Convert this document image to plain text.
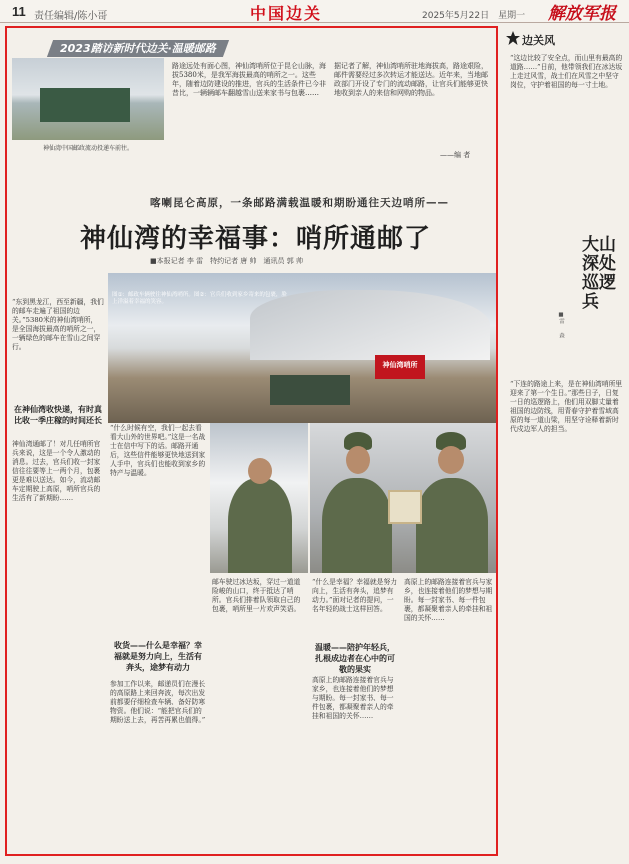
11 责任编辑/陈小哥	中国边关	2025年5月22日　星期一 解放军报
2023踏访新时代边关·温暖邮路
神仙湾中国邮政流动投递车前往。
路途远处有面心图，神仙湾哨所位于昆仑山脉，海拔5380米，是我军海拔最高的哨所之一。这些年，随着边防建设的推进，官兵的生活条件已今非昔比，一辆辆邮车翻越雪山送来家书与包裹……
据记者了解，神仙湾哨所驻地海拔高，路途艰险，邮件需要经过多次转运才能送达。近年来，当地邮政部门开设了专门的流动邮路，让官兵们能够更快地收到亲人的来信和网购的物品。
——编 者
喀喇昆仑高原，一条邮路满载温暖和期盼通往天边哨所——
神仙湾的幸福事：哨所通邮了
■本报记者 李 雷　特约记者 唐 帅　通讯员 郭 帅
神仙湾哨所
图①：邮政车辆驶往神仙湾哨所。图②：官兵们收到家乡寄来的包裹，脸上洋溢着幸福的笑容。
“东到黑龙江，西至新疆，我们的邮车走遍了祖国的边关。”5380米的神仙湾哨所，是全国海拔最高的哨所之一，一辆绿色的邮车在雪山之间穿行。
在神仙湾收快递，有时真比收一季庄稼的时间还长
神仙湾通邮了！对几任哨所官兵来说，这是一个令人激动的消息。过去，官兵们收一封家信往往要等上一两个月，包裹更是难以送达。如今，流动邮车定期驶上高原，哨所官兵的生活有了新期盼……
“什么时候有空，我们一起去看看大山外的世界吧。”这是一名战士在信中写下的话。邮路开通后，这些信件能够更快地送到家人手中，官兵们也能收到家乡的特产与温暖。
收货——什么是幸福？幸福就是努力向上，生活有奔头，途梦有动力
参加工作以来，邮递员们在漫长的高原路上来回奔波，每次出发前都要仔细检查车辆、备好防寒物资。他们说：“能把官兵们的期盼送上去，再苦再累也值得。”
邮车驶过冰达坂，穿过一道道险峻的山口，终于抵达了哨所。官兵们排着队领取自己的包裹，哨所里一片欢声笑语。
“什么是幸福？幸福就是努力向上，生活有奔头，追梦有动力。”面对记者的提问，一名年轻的战士这样回答。
温暖——陪护年轻兵，扎根成边者在心中的可敬的果实
高原上的邮路连接着官兵与家乡，也连接着他们的梦想与期盼。每一封家书、每一件包裹，都凝聚着亲人的牵挂和祖国的关怀……
高原上的邮路连接着官兵与家乡，也连接着他们的梦想与期盼。每一封家书、每一件包裹，都凝聚着亲人的牵挂和祖国的关怀……
边关风
“这边比较了安全点，而山里有最高的道路……”日前，他带领我们在冰达坂上走过风雪，战士们在风雪之中坚守岗位，守护着祖国的每一寸土地。
大山深处巡逻兵
■雷 　 森
“下连的路途上来，是在神仙湾哨所里迎来了第一个生日。”那些日子，日复一日的巡逻路上，他们用双脚丈量着祖国的边防线，用青春守护着雪域高原的每一道山梁，用坚守诠释着新时代戍边军人的担当。
